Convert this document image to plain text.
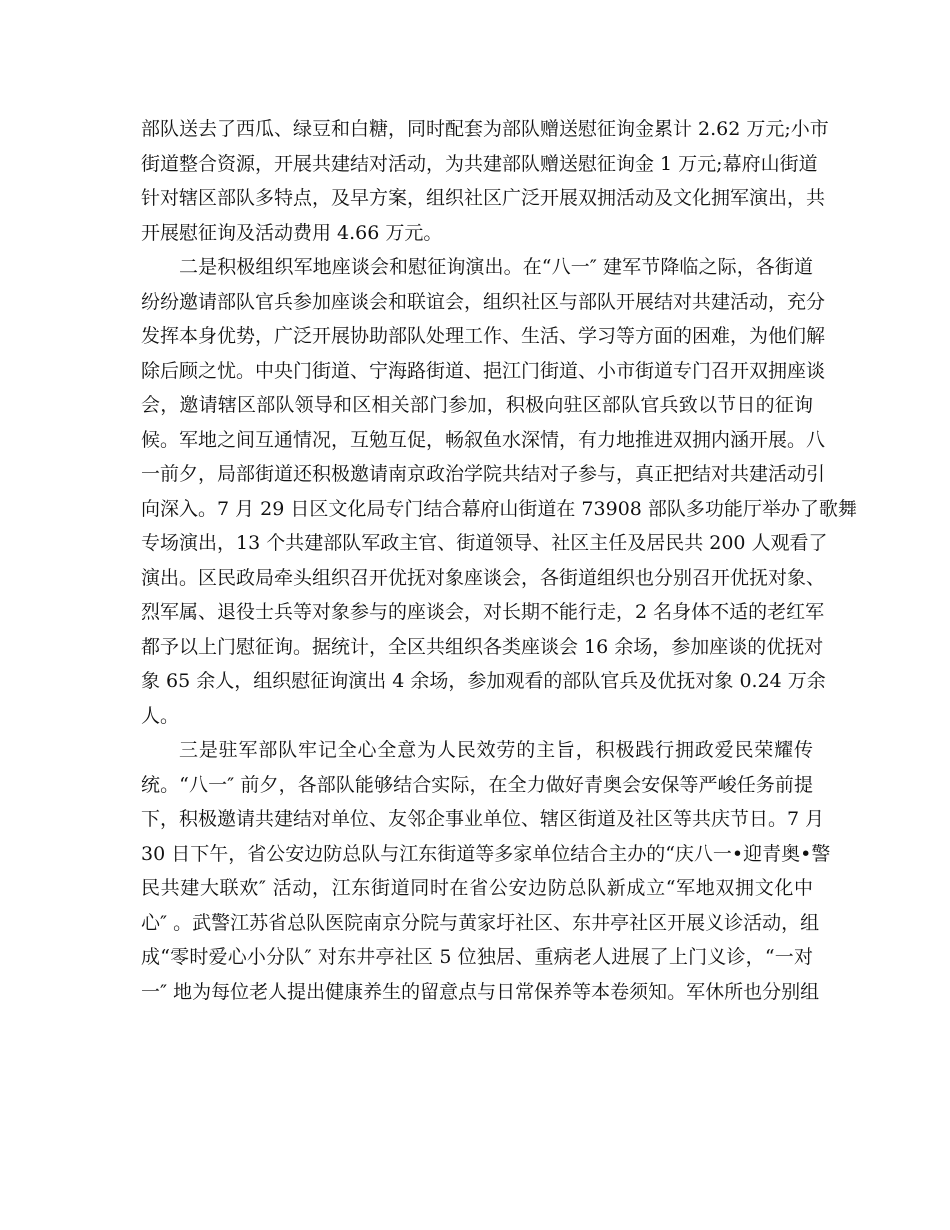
部队送去了西瓜、绿豆和白糖，同时配套为部队赠送慰征询金累计 2.62 万元;小市
街道整合资源，开展共建结对活动，为共建部队赠送慰征询金 1 万元;幕府山街道
针对辖区部队多特点，及早方案，组织社区广泛开展双拥活动及文化拥军演出，共
开展慰征询及活动费用 4.66 万元。
二是积极组织军地座谈会和慰征询演出。在“八一″ 建军节降临之际，各街道
纷纷邀请部队官兵参加座谈会和联谊会，组织社区与部队开展结对共建活动，充分
发挥本身优势，广泛开展协助部队处理工作、生活、学习等方面的困难，为他们解
除后顾之忧。中央门街道、宁海路街道、挹江门街道、小市街道专门召开双拥座谈
会，邀请辖区部队领导和区相关部门参加，积极向驻区部队官兵致以节日的征询
候。军地之间互通情况，互勉互促，畅叙鱼水深情，有力地推进双拥内涵开展。八
一前夕，局部街道还积极邀请南京政治学院共结对子参与，真正把结对共建活动引
向深入。7 月 29 日区文化局专门结合幕府山街道在 73908 部队多功能厅举办了歌舞
专场演出，13 个共建部队军政主官、街道领导、社区主任及居民共 200 人观看了
演出。区民政局牵头组织召开优抚对象座谈会，各街道组织也分别召开优抚对象、
烈军属、退役士兵等对象参与的座谈会，对长期不能行走，2 名身体不适的老红军
都予以上门慰征询。据统计，全区共组织各类座谈会 16 余场，参加座谈的优抚对
象 65 余人，组织慰征询演出 4 余场，参加观看的部队官兵及优抚对象 0.24 万余
人。
三是驻军部队牢记全心全意为人民效劳的主旨，积极践行拥政爱民荣耀传
统。“八一″ 前夕，各部队能够结合实际，在全力做好青奥会安保等严峻任务前提
下，积极邀请共建结对单位、友邻企事业单位、辖区街道及社区等共庆节日。7 月
30 日下午，省公安边防总队与江东街道等多家单位结合主办的“庆八一•迎青奥•警
民共建大联欢″ 活动，江东街道同时在省公安边防总队新成立“军地双拥文化中
心″ 。武警江苏省总队医院南京分院与黄家圩社区、东井亭社区开展义诊活动，组
成“零时爱心小分队″ 对东井亭社区 5 位独居、重病老人进展了上门义诊，“一对
一″ 地为每位老人提出健康养生的留意点与日常保养等本卷须知。军休所也分别组
